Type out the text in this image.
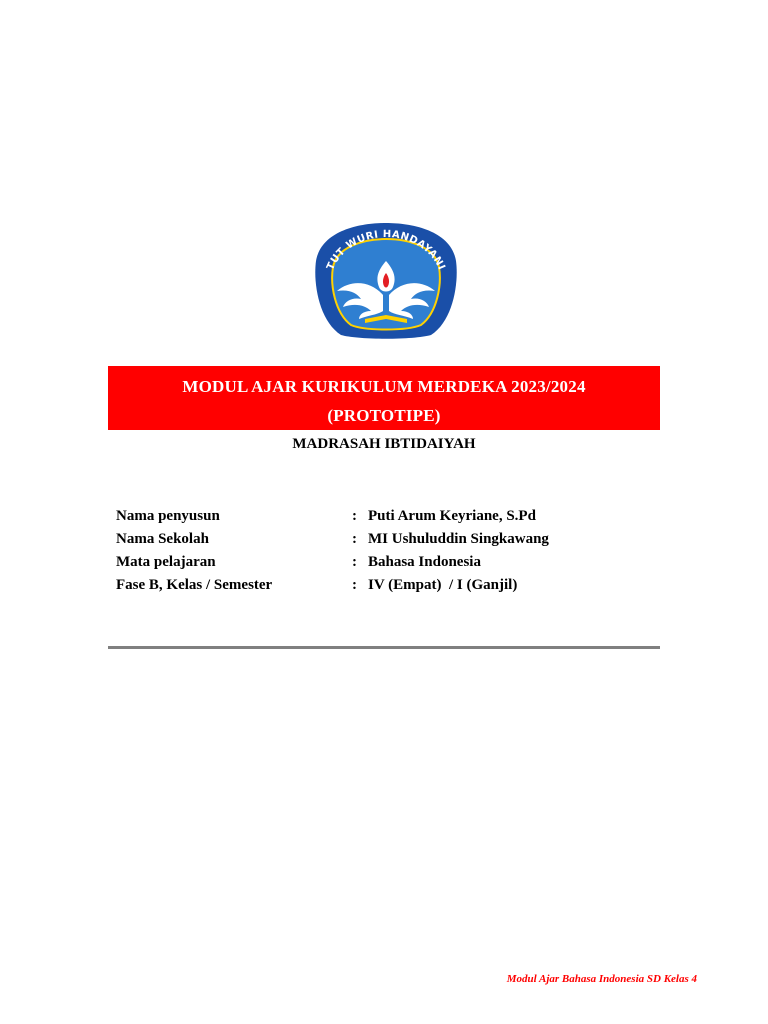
TUT WURI HANDAYANI
MODUL AJAR KURIKULUM MERDEKA 2023/2024
(PROTOTIPE)
MADRASAH IBTIDAIYAH
Nama penyusun	: Puti Arum Keyriane, S.Pd
Nama Sekolah	: MI Ushuluddin Singkawang
Mata pelajaran	: Bahasa Indonesia
Fase B, Kelas / Semester	: IV (Empat)  / I (Ganjil)
Modul Ajar Bahasa Indonesia SD Kelas 4
